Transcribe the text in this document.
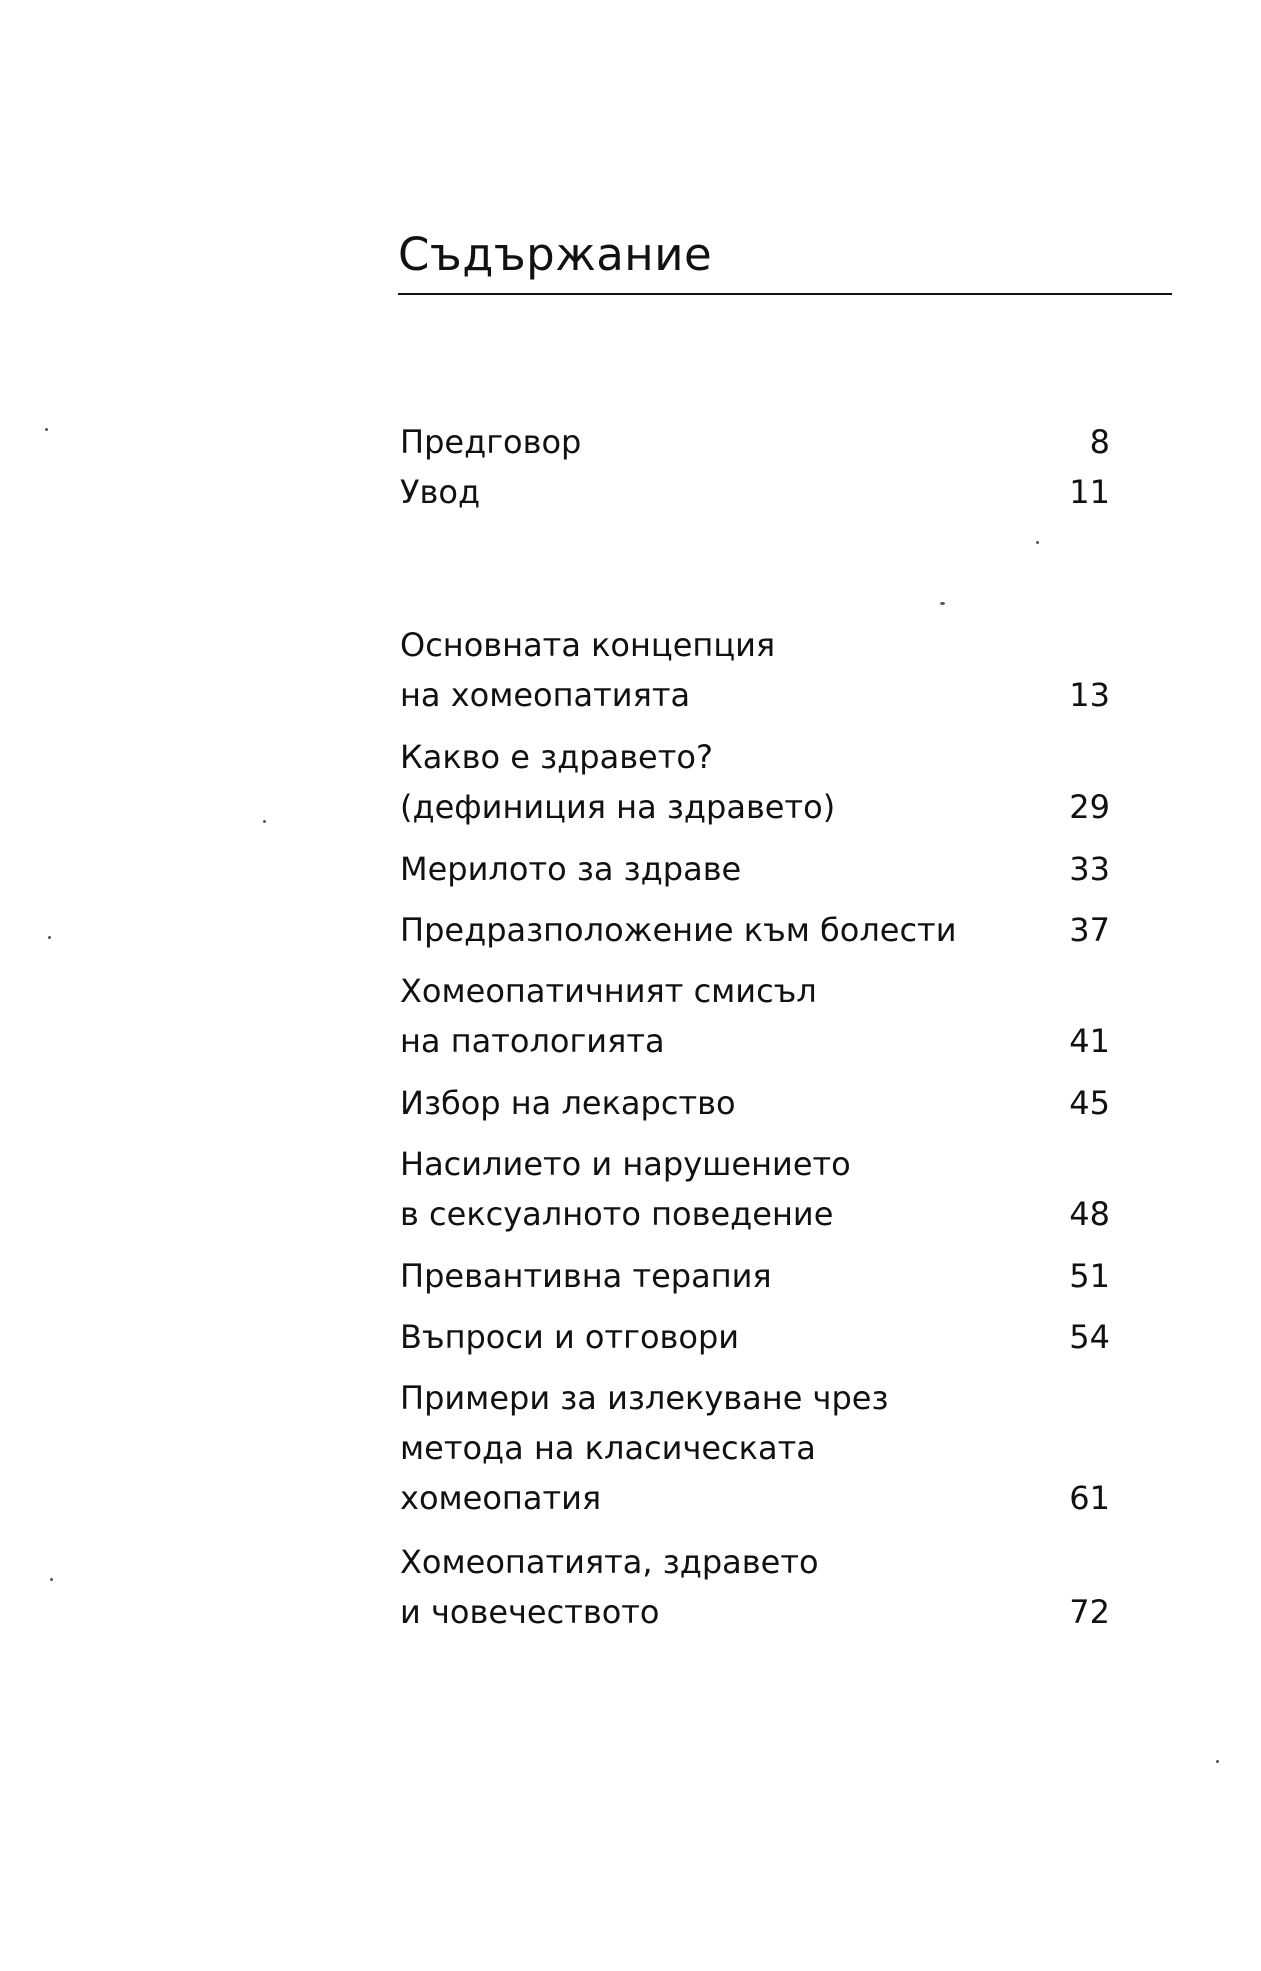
Съдържание
Предговор	8
Увод	11
Основната концепция
на хомеопатията	13
Какво е здравето?
(дефиниция на здравето)	29
Мерилото за здраве	33
Предразположение към болести	37
Хомеопатичният смисъл
на патологията	41
Избор на лекарство	45
Насилието и нарушението
в сексуалното поведение	48
Превантивна терапия	51
Въпроси и отговори	54
Примери за излекуване чрез
метода на класическата
хомеопатия	61
Хомеопатията, здравето
и човечеството	72
